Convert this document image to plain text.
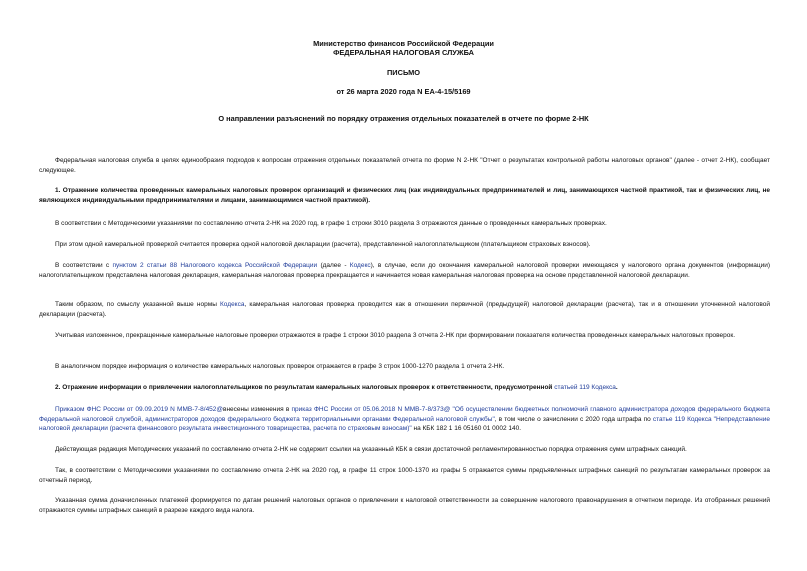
Министерство финансов Российской Федерации
ФЕДЕРАЛЬНАЯ НАЛОГОВАЯ СЛУЖБА
ПИСЬМО
от 26 марта 2020 года N ЕА-4-15/5169
О направлении разъяснений по порядку отражения отдельных показателей в отчете по форме 2-НК
Федеральная налоговая служба в целях единообразия подходов к вопросам отражения отдельных показателей отчета по форме N 2-НК "Отчет о результатах контрольной работы налоговых органов" (далее - отчет 2-НК), сообщает следующее.
1. Отражение количества проведенных камеральных налоговых проверок организаций и физических лиц (как индивидуальных предпринимателей и лиц, занимающихся частной практикой, так и физических лиц, не являющихся индивидуальными предпринимателями и лицами, занимающимися частной практикой).
В соответствии с Методическими указаниями по составлению отчета 2-НК на 2020 год, в графе 1 строки 3010 раздела 3 отражаются данные о проведенных камеральных проверках.
При этом одной камеральной проверкой считается проверка одной налоговой декларации (расчета), представленной налогоплательщиком (плательщиком страховых взносов).
В соответствии с пунктом 2 статьи 88 Налогового кодекса Российской Федерации (далее - Кодекс), в случае, если до окончания камеральной налоговой проверки имеющаяся у налогового органа документов (информации) налогоплательщиком представлена налоговая декларация, камеральная налоговая проверка прекращается и начинается новая камеральная налоговая проверка на основе представленной налоговой декларации.
Таким образом, по смыслу указанной выше нормы Кодекса, камеральная налоговая проверка проводится как в отношении первичной (предыдущей) налоговой декларации (расчета), так и в отношении уточненной налоговой декларации (расчета).
Учитывая изложенное, прекращенные камеральные налоговые проверки отражаются в графе 1 строки 3010 раздела 3 отчета 2-НК при формировании показателя количества проведенных камеральных налоговых проверок.
В аналогичном порядке информация о количестве камеральных налоговых проверок отражается в графе 3 строк 1000-1270 раздела 1 отчета 2-НК.
2. Отражение информации о привлечении налогоплательщиков по результатам камеральных налоговых проверок к ответственности, предусмотренной статьей 119 Кодекса.
Приказом ФНС России от 09.09.2019 N ММВ-7-8/452@внесены изменения в приказ ФНС России от 05.06.2018 N ММВ-7-8/373@ "Об осуществлении бюджетных полномочий главного администратора доходов федерального бюджета Федеральной налоговой службой, администраторов доходов федерального бюджета территориальными органами Федеральной налоговой службы", в том числе о зачислении с 2020 года штрафа по статье 119 Кодекса "Непредставление налоговой декларации (расчета финансового результата инвестиционного товарищества, расчета по страховым взносам)" на КБК 182 1 16 05160 01 0002 140.
Действующая редакция Методических указаний по составлению отчета 2-НК не содержит ссылки на указанный КБК в связи достаточной регламентированностью порядка отражения сумм штрафных санкций.
Так, в соответствии с Методическими указаниями по составлению отчета 2-НК на 2020 год, в графе 11 строк 1000-1370 из графы 5 отражается суммы предъявленных штрафных санкций по результатам камеральных проверок за отчетный период.
Указанная сумма доначисленных платежей формируется по датам решений налоговых органов о привлечении к налоговой ответственности за совершение налогового правонарушения в отчетном периоде. Из отобранных решений отражаются суммы штрафных санкций в разрезе каждого вида налога.
